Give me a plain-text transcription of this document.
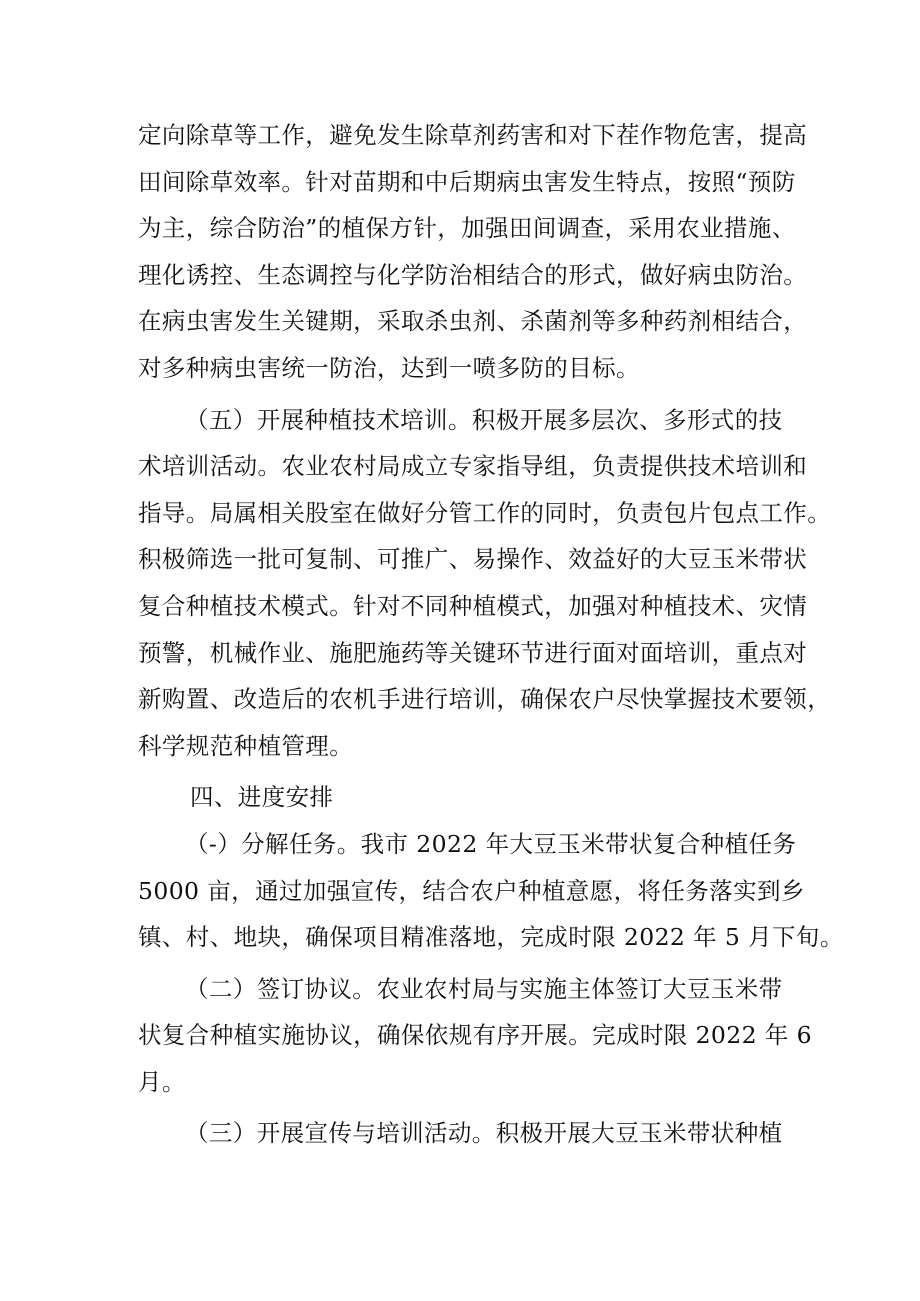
定向除草等工作，避免发生除草剂药害和对下茬作物危害，提高
田间除草效率。针对苗期和中后期病虫害发生特点，按照“预防
为主，综合防治”的植保方针，加强田间调查，采用农业措施、
理化诱控、生态调控与化学防治相结合的形式，做好病虫防治。
在病虫害发生关键期，采取杀虫剂、杀菌剂等多种药剂相结合，
对多种病虫害统一防治，达到一喷多防的目标。
（五）开展种植技术培训。积极开展多层次、多形式的技
术培训活动。农业农村局成立专家指导组，负责提供技术培训和
指导。局属相关股室在做好分管工作的同时，负责包片包点工作。
积极筛选一批可复制、可推广、易操作、效益好的大豆玉米带状
复合种植技术模式。针对不同种植模式，加强对种植技术、灾情
预警，机械作业、施肥施药等关键环节进行面对面培训，重点对
新购置、改造后的农机手进行培训，确保农户尽快掌握技术要领，
科学规范种植管理。
四、进度安排
（-）分解任务。我市 2022 年大豆玉米带状复合种植任务
5000 亩，通过加强宣传，结合农户种植意愿，将任务落实到乡
镇、村、地块，确保项目精准落地，完成时限 2022 年 5 月下旬。
（二）签订协议。农业农村局与实施主体签订大豆玉米带
状复合种植实施协议，确保依规有序开展。完成时限 2022 年 6
月。
（三）开展宣传与培训活动。积极开展大豆玉米带状种植
